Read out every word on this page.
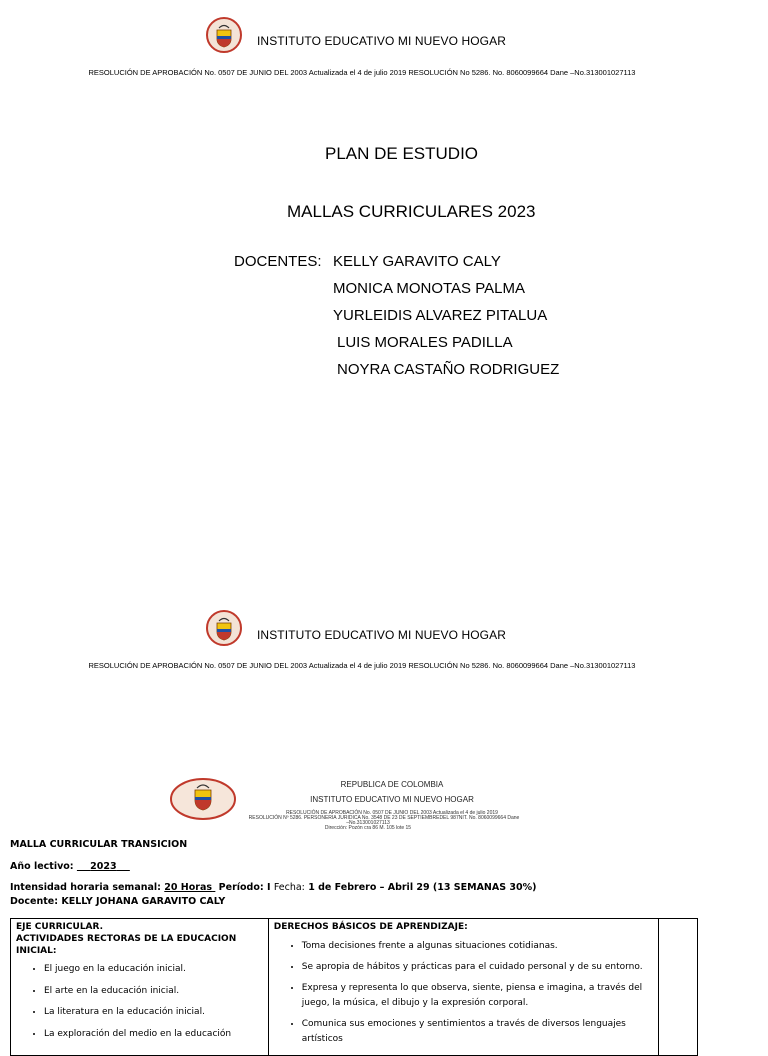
INSTITUTO EDUCATIVO MI NUEVO HOGAR
RESOLUCIÓN DE APROBACIÓN No. 0507 DE JUNIO DEL 2003 Actualizada el 4 de julio 2019 RESOLUCIÓN No 5286. No. 8060099664 Dane –No.313001027113
PLAN DE ESTUDIO
MALLAS CURRICULARES 2023
DOCENTES: KELLY GARAVITO CALY
MONICA MONOTAS PALMA
YURLEIDIS ALVAREZ PITALUA
LUIS MORALES PADILLA
NOYRA CASTAÑO RODRIGUEZ
INSTITUTO EDUCATIVO MI NUEVO HOGAR
RESOLUCIÓN DE APROBACIÓN No. 0507 DE JUNIO DEL 2003 Actualizada el 4 de julio 2019 RESOLUCIÓN No 5286. No. 8060099664 Dane –No.313001027113
REPUBLICA DE COLOMBIA
INSTITUTO EDUCATIVO MI NUEVO HOGAR
RESOLUCIÓN DE APROBACIÓN No. 0507 DE JUNIO DEL 2003 Actualizada el 4 de julio 2019
RESOLUCIÓN Nº 5286. PERSONERIA JURIDICA No. 3548 DE 23 DE SEPTIEMBREDEL 987NIT. No. 8060099664 Dane
–No.313001027113
Dirección: Pozón cra 86 M. 105 lote 15
MALLA CURRICULAR TRANSICION
Año lectivo: 2023
Intensidad horaria semanal: 20 Horas Período: I Fecha: 1 de Febrero – Abril 29 (13 SEMANAS 30%)
Docente: KELLY JOHANA GARAVITO CALY
EJE CURRICULAR.
ACTIVIDADES RECTORAS DE LA EDUCACION INICIAL:
• El juego en la educación inicial.
• El arte en la educación inicial.
• La literatura en la educación inicial.
• La exploración del medio en la educación

DERECHOS BÁSICOS DE APRENDIZAJE:
• Toma decisiones frente a algunas situaciones cotidianas.
• Se apropia de hábitos y prácticas para el cuidado personal y de su entorno.
• Expresa y representa lo que observa, siente, piensa e imagina, a través del juego, la música, el dibujo y la expresión corporal.
• Comunica sus emociones y sentimientos a través de diversos lenguajes artísticos
